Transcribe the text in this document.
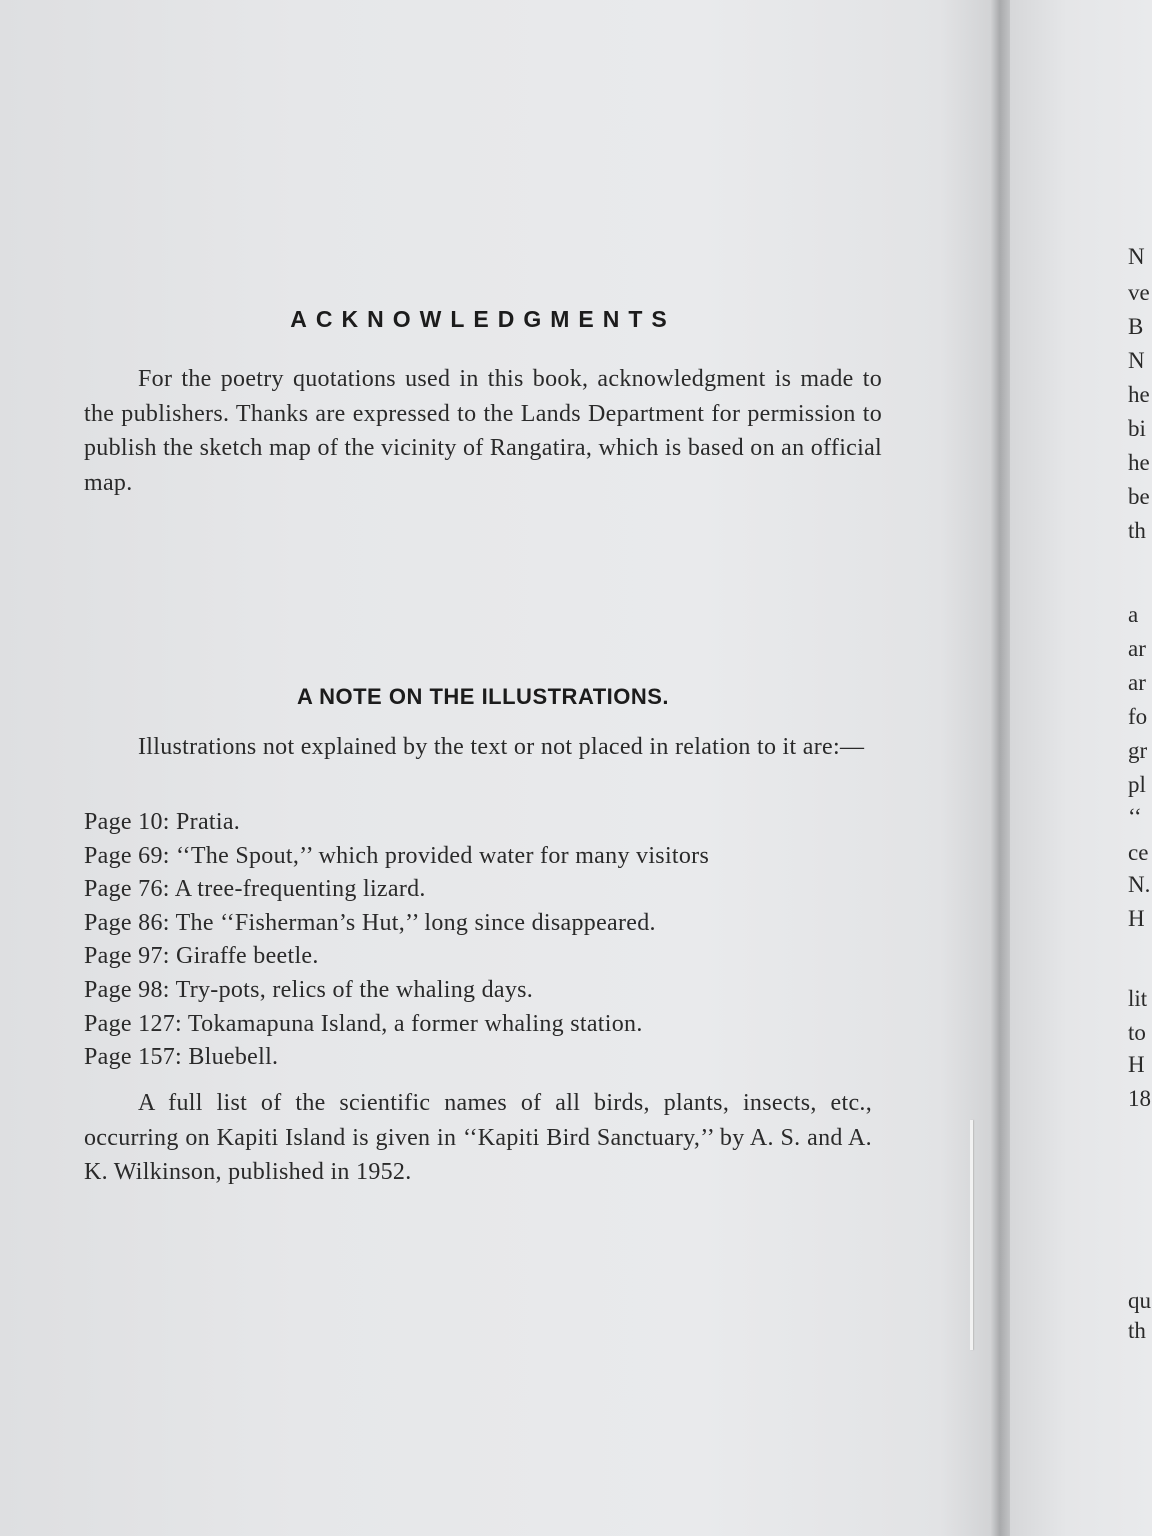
ACKNOWLEDGMENTS
For the poetry quotations used in this book, acknowledgment is made to the publishers. Thanks are expressed to the Lands Department for permission to publish the sketch map of the vicinity of Rangatira, which is based on an official map.
A NOTE ON THE ILLUSTRATIONS.
Illustrations not explained by the text or not placed in relation to it are:—
Page 10: Pratia.
Page 69: ‘‘The Spout,’’ which provided water for many visitors
Page 76: A tree-frequenting lizard.
Page 86: The ‘‘Fisherman’s Hut,’’ long since disappeared.
Page 97: Giraffe beetle.
Page 98: Try-pots, relics of the whaling days.
Page 127: Tokamapuna Island, a former whaling station.
Page 157: Bluebell.
A full list of the scientific names of all birds, plants, insects, etc., occurring on Kapiti Island is given in ‘‘Kapiti Bird Sanctuary,’’ by A. S. and A. K. Wilkinson, published in 1952.
N
ve
B
N
he
bi
he
be
th
a
ar
ar
fo
gr
pl
‘‘
ce
N.
H
lit
to
H
18
qu
th
